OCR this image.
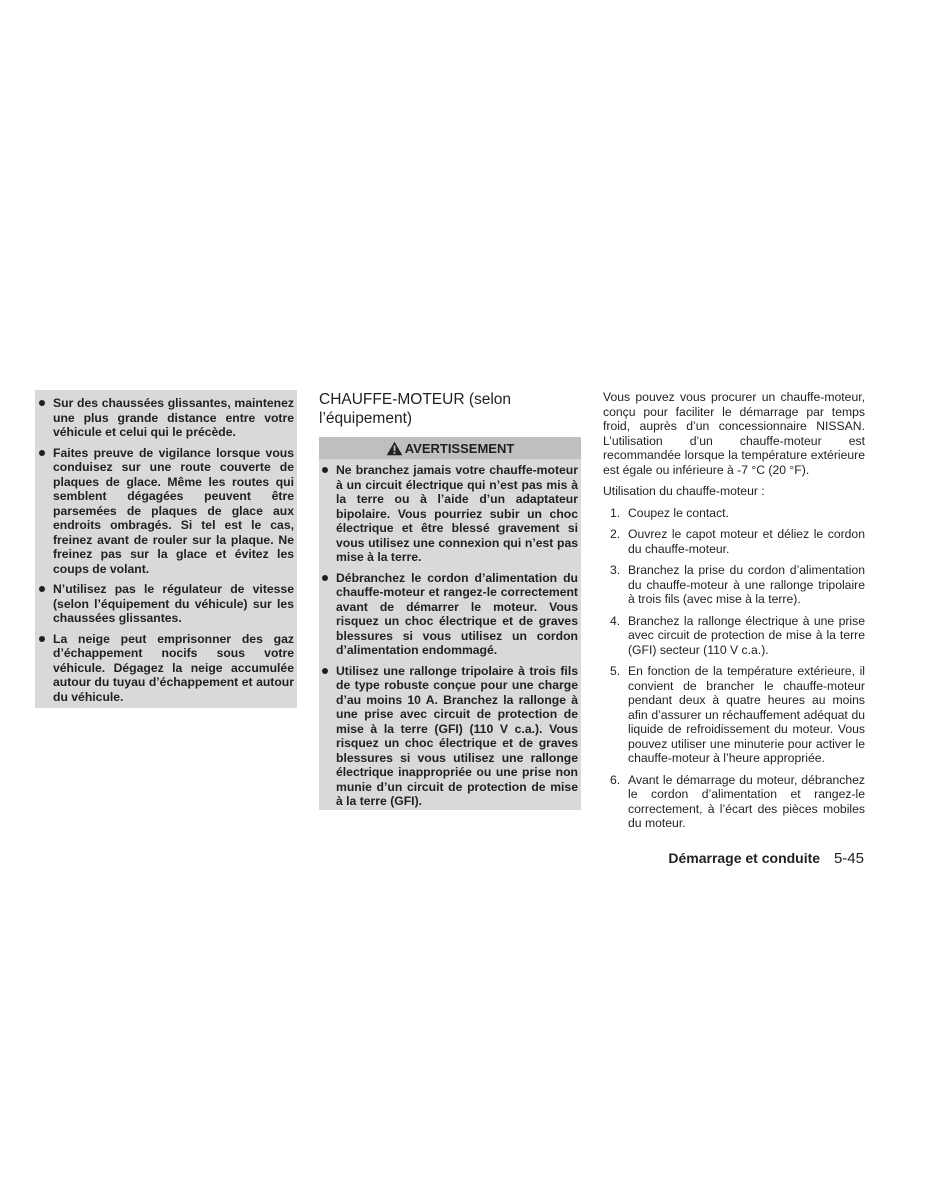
Sur des chaussées glissantes, maintenez une plus grande distance entre votre véhicule et celui qui le précède.
Faites preuve de vigilance lorsque vous conduisez sur une route couverte de plaques de glace. Même les routes qui semblent dégagées peuvent être parsemées de plaques de glace aux endroits ombragés. Si tel est le cas, freinez avant de rouler sur la plaque. Ne freinez pas sur la glace et évitez les coups de volant.
N’utilisez pas le régulateur de vitesse (selon l’équipement du véhicule) sur les chaussées glissantes.
La neige peut emprisonner des gaz d’échappement nocifs sous votre véhicule. Dégagez la neige accumulée autour du tuyau d’échappement et autour du véhicule.
CHAUFFE-MOTEUR (selon l’équipement)
AVERTISSEMENT
Ne branchez jamais votre chauffe-moteur à un circuit électrique qui n’est pas mis à la terre ou à l’aide d’un adaptateur bipolaire. Vous pourriez subir un choc électrique et être blessé gravement si vous utilisez une connexion qui n’est pas mise à la terre.
Débranchez le cordon d’alimentation du chauffe-moteur et rangez-le correctement avant de démarrer le moteur. Vous risquez un choc électrique et de graves blessures si vous utilisez un cordon d’alimentation endommagé.
Utilisez une rallonge tripolaire à trois fils de type robuste conçue pour une charge d’au moins 10 A. Branchez la rallonge à une prise avec circuit de protection de mise à la terre (GFI) (110 V c.a.). Vous risquez un choc électrique et de graves blessures si vous utilisez une rallonge électrique inappropriée ou une prise non munie d’un circuit de protection de mise à la terre (GFI).

Vous pouvez vous procurer un chauffe-moteur, conçu pour faciliter le démarrage par temps froid, auprès d’un concessionnaire NISSAN. L’utilisation d’un chauffe-moteur est recommandée lorsque la température extérieure est égale ou inférieure à -7 °C (20 °F).

Utilisation du chauffe-moteur :

1. Coupez le contact.
2. Ouvrez le capot moteur et déliez le cordon du chauffe-moteur.
3. Branchez la prise du cordon d’alimentation du chauffe-moteur à une rallonge tripolaire à trois fils (avec mise à la terre).
4. Branchez la rallonge électrique à une prise avec circuit de protection de mise à la terre (GFI) secteur (110 V c.a.).
5. En fonction de la température extérieure, il convient de brancher le chauffe-moteur pendant deux à quatre heures au moins afin d’assurer un réchauffement adéquat du liquide de refroidissement du moteur. Vous pouvez utiliser une minuterie pour activer le chauffe-moteur à l’heure appropriée.
6. Avant le démarrage du moteur, débranchez le cordon d’alimentation et rangez-le correctement, à l’écart des pièces mobiles du moteur.
Démarrage et conduite 5-45
